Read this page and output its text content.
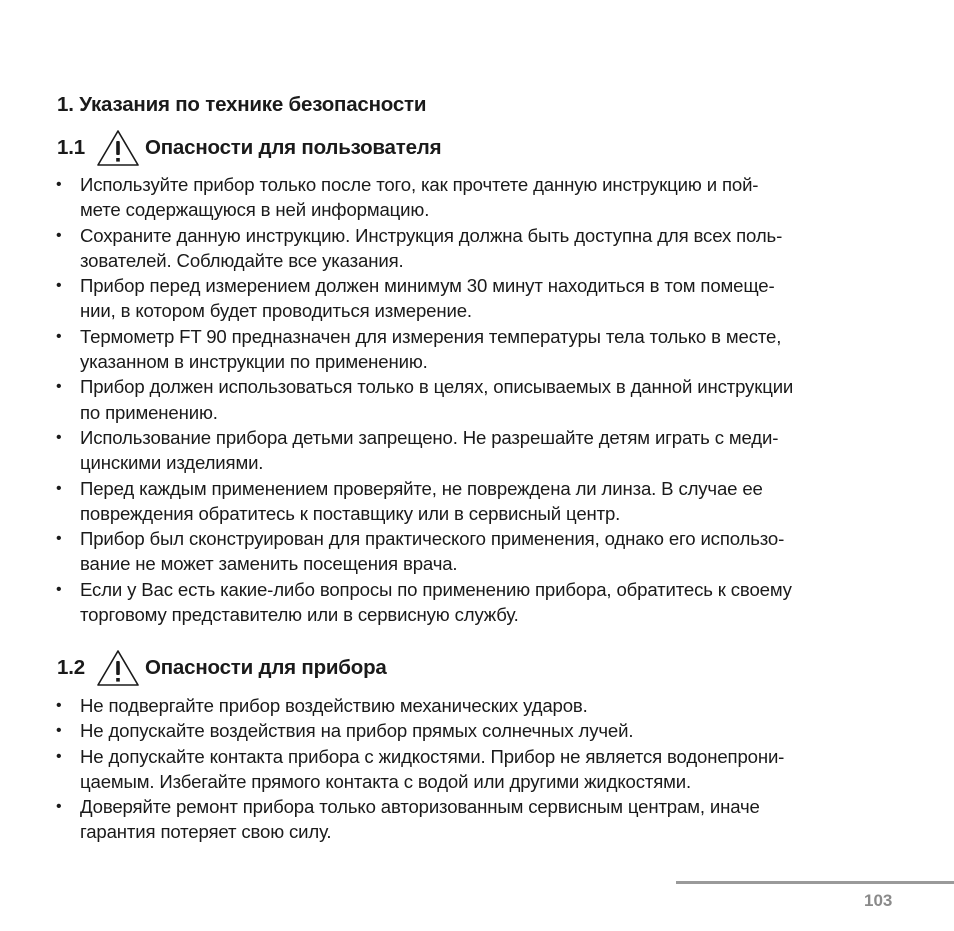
1. Указания по технике безопасности
1.1	Опасности для пользователя
• Используйте прибор только после того, как прочтете данную инструкцию и пой-
мете содержащуюся в ней информацию.
• Сохраните данную инструкцию. Инструкция должна быть доступна для всех поль-
зователей. Соблюдайте все указания.
• Прибор перед измерением должен минимум 30 минут находиться в том помеще-
нии, в котором будет проводиться измерение.
• Термометр FT 90 предназначен для измерения температуры тела только в месте,
указанном в инструкции по применению.
• Прибор должен использоваться только в целях, описываемых в данной инструкции
по применению.
• Использование прибора детьми запрещено. Не разрешайте детям играть с меди-
цинскими изделиями.
• Перед каждым применением проверяйте, не повреждена ли линза. В случае ее
повреждения обратитесь к поставщику или в сервисный центр.
• Прибор был сконструирован для практического применения, однако его использо-
вание не может заменить посещения врача.
• Если у Вас есть какие-либо вопросы по применению прибора, обратитесь к своему
торговому представителю или в сервисную службу.
1.2	Опасности для прибора
• Не подвергайте прибор воздействию механических ударов.
• Не допускайте воздействия на прибор прямых солнечных лучей.
• Не допускайте контакта прибора с жидкостями. Прибор не является водонепрони-
цаемым. Избегайте прямого контакта с водой или другими жидкостями.
• Доверяйте ремонт прибора только авторизованным сервисным центрам, иначе
гарантия потеряет свою силу.
103
